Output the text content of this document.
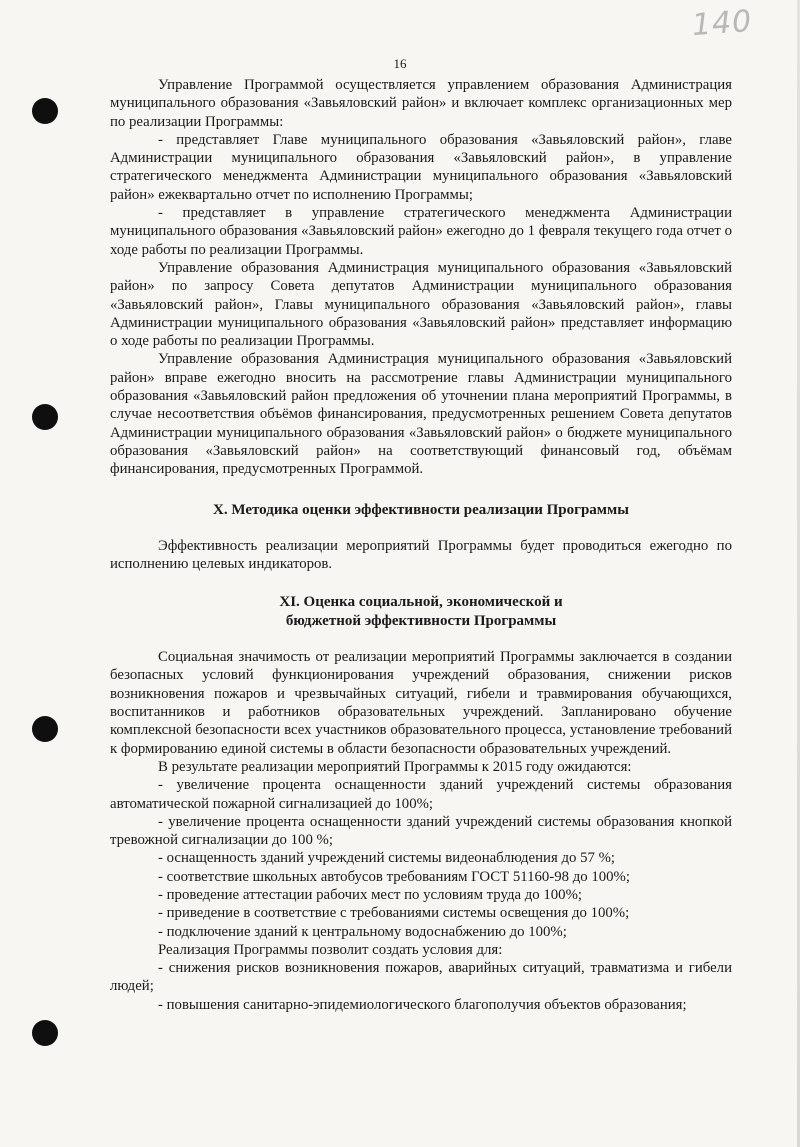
140
16

Управление Программой осуществляется управлением образования Администрация муниципального образования «Завьяловский район» и включает комплекс организационных мер по реализации Программы:

- представляет Главе муниципального образования «Завьяловский район», главе Администрации муниципального образования «Завьяловский район», в управление стратегического менеджмента Администрации муниципального образования «Завьяловский район» ежеквартально отчет по исполнению Программы;

- представляет в управление стратегического менеджмента Администрации муниципального образования «Завьяловский район» ежегодно до 1 февраля текущего года отчет о ходе работы по реализации Программы.

Управление образования Администрация муниципального образования «Завьяловский район» по запросу Совета депутатов Администрации муниципального образования «Завьяловский район», Главы муниципального образования «Завьяловский район», главы Администрации муниципального образования «Завьяловский район» представляет информацию о ходе работы по реализации Программы.

Управление образования Администрация муниципального образования «Завьяловский район» вправе ежегодно вносить на рассмотрение главы Администрации муниципального образования «Завьяловский район предложения об уточнении плана мероприятий Программы, в случае несоответствия объёмов финансирования, предусмотренных решением Совета депутатов Администрации муниципального образования «Завьяловский район» о бюджете муниципального образования «Завьяловский район» на соответствующий финансовый год, объёмам финансирования, предусмотренных Программой.

X. Методика оценки эффективности реализации Программы

Эффективность реализации мероприятий Программы будет проводиться ежегодно по исполнению целевых индикаторов.

XI. Оценка социальной, экономической и
бюджетной эффективности Программы

Социальная значимость от реализации мероприятий Программы заключается в создании безопасных условий функционирования учреждений образования, снижении рисков возникновения пожаров и чрезвычайных ситуаций, гибели и травмирования обучающихся, воспитанников и работников образовательных учреждений. Запланировано обучение комплексной безопасности всех участников образовательного процесса, установление требований к формированию единой системы в области безопасности образовательных учреждений.

В результате реализации мероприятий Программы к 2015 году ожидаются:

- увеличение процента оснащенности зданий учреждений системы образования автоматической пожарной сигнализацией до 100%;

- увеличение процента оснащенности зданий учреждений системы образования кнопкой тревожной сигнализации до 100 %;

- оснащенность зданий учреждений системы видеонаблюдения до 57 %;

- соответствие школьных автобусов требованиям ГОСТ 51160-98 до 100%;

- проведение аттестации рабочих мест по условиям труда до 100%;

- приведение в соответствие с требованиями системы освещения до 100%;

- подключение зданий к центральному водоснабжению до 100%;

Реализация Программы позволит создать условия для:

- снижения рисков возникновения пожаров, аварийных ситуаций, травматизма и гибели людей;

- повышения санитарно-эпидемиологического благополучия объектов образования;
